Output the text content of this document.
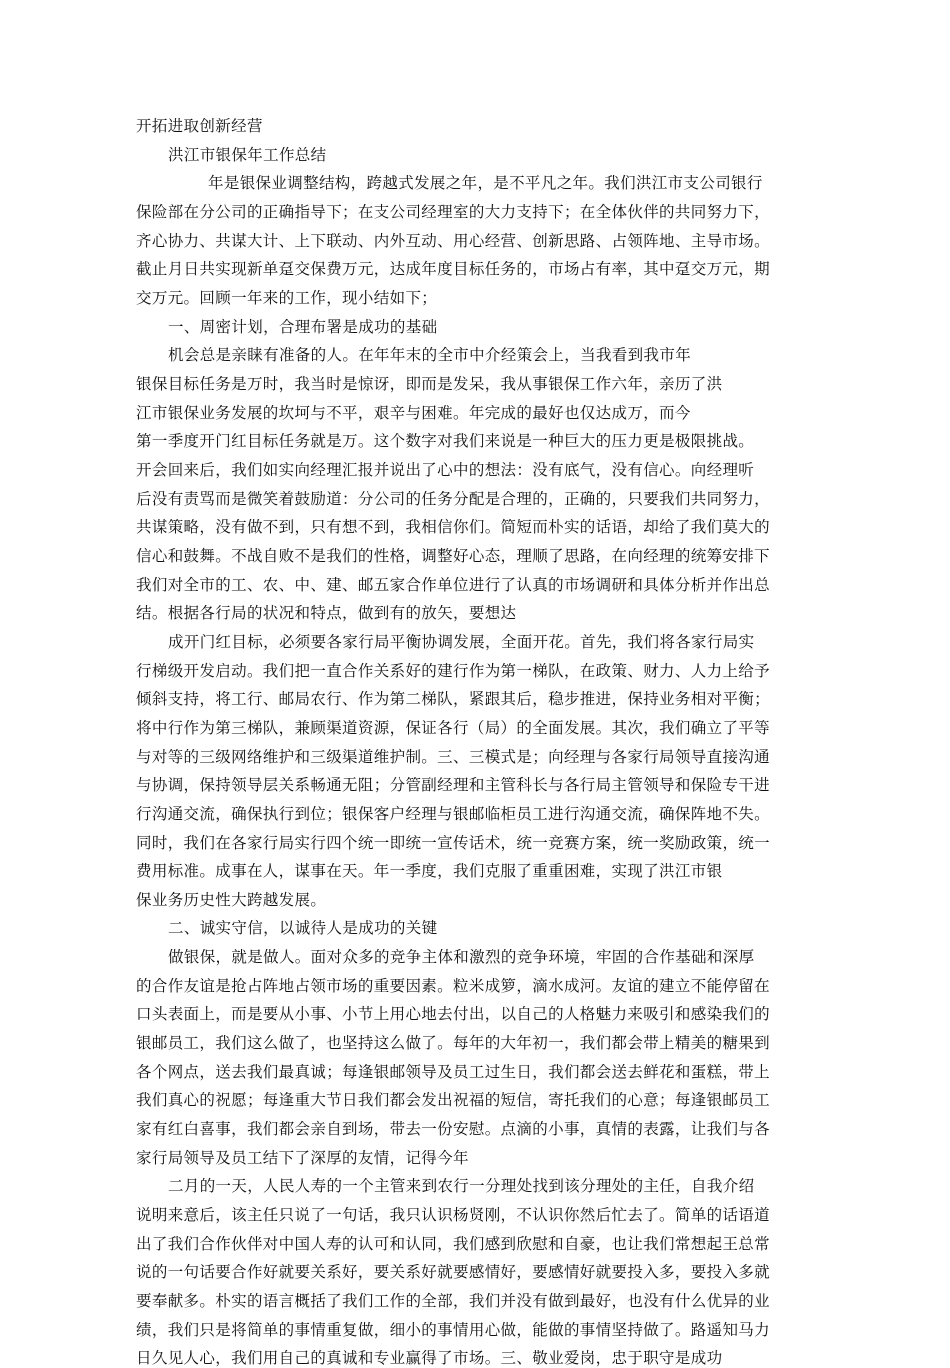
开拓进取创新经营
洪江市银保年工作总结
年是银保业调整结构，跨越式发展之年，是不平凡之年。我们洪江市支公司银行
保险部在分公司的正确指导下；在支公司经理室的大力支持下；在全体伙伴的共同努力下，
齐心协力、共谋大计、上下联动、内外互动、用心经营、创新思路、占领阵地、主导市场。
截止月日共实现新单趸交保费万元，达成年度目标任务的，市场占有率，其中趸交万元，期
交万元。回顾一年来的工作，现小结如下；
一、周密计划，合理布署是成功的基础
机会总是亲睐有准备的人。在年年末的全市中介经策会上，当我看到我市年
银保目标任务是万时，我当时是惊讶，即而是发呆，我从事银保工作六年，亲历了洪
江市银保业务发展的坎坷与不平，艰辛与困难。年完成的最好也仅达成万，而今
第一季度开门红目标任务就是万。这个数字对我们来说是一种巨大的压力更是极限挑战。
开会回来后，我们如实向经理汇报并说出了心中的想法：没有底气，没有信心。向经理听
后没有责骂而是微笑着鼓励道：分公司的任务分配是合理的，正确的，只要我们共同努力，
共谋策略，没有做不到，只有想不到，我相信你们。简短而朴实的话语，却给了我们莫大的
信心和鼓舞。不战自败不是我们的性格，调整好心态，理顺了思路，在向经理的统筹安排下
我们对全市的工、农、中、建、邮五家合作单位进行了认真的市场调研和具体分析并作出总
结。根据各行局的状况和特点，做到有的放矢，要想达
成开门红目标，必须要各家行局平衡协调发展，全面开花。首先，我们将各家行局实
行梯级开发启动。我们把一直合作关系好的建行作为第一梯队，在政策、财力、人力上给予
倾斜支持，将工行、邮局农行、作为第二梯队，紧跟其后，稳步推进，保持业务相对平衡；
将中行作为第三梯队，兼顾渠道资源，保证各行（局）的全面发展。其次，我们确立了平等
与对等的三级网络维护和三级渠道维护制。三、三模式是；向经理与各家行局领导直接沟通
与协调，保持领导层关系畅通无阻；分管副经理和主管科长与各行局主管领导和保险专干进
行沟通交流，确保执行到位；银保客户经理与银邮临柜员工进行沟通交流，确保阵地不失。
同时，我们在各家行局实行四个统一即统一宣传话术，统一竞赛方案，统一奖励政策，统一
费用标准。成事在人，谋事在天。年一季度，我们克服了重重困难，实现了洪江市银
保业务历史性大跨越发展。
二、诚实守信，以诚待人是成功的关键
做银保，就是做人。面对众多的竞争主体和激烈的竞争环境，牢固的合作基础和深厚
的合作友谊是抢占阵地占领市场的重要因素。粒米成箩，滴水成河。友谊的建立不能停留在
口头表面上，而是要从小事、小节上用心地去付出，以自己的人格魅力来吸引和感染我们的
银邮员工，我们这么做了，也坚持这么做了。每年的大年初一，我们都会带上精美的糖果到
各个网点，送去我们最真诚；每逢银邮领导及员工过生日，我们都会送去鲜花和蛋糕，带上
我们真心的祝愿；每逢重大节日我们都会发出祝福的短信，寄托我们的心意；每逢银邮员工
家有红白喜事，我们都会亲自到场，带去一份安慰。点滴的小事，真情的表露，让我们与各
家行局领导及员工结下了深厚的友情，记得今年
二月的一天，人民人寿的一个主管来到农行一分理处找到该分理处的主任，自我介绍
说明来意后，该主任只说了一句话，我只认识杨贤刚，不认识你然后忙去了。简单的话语道
出了我们合作伙伴对中国人寿的认可和认同，我们感到欣慰和自豪，也让我们常想起王总常
说的一句话要合作好就要关系好，要关系好就要感情好，要感情好就要投入多，要投入多就
要奉献多。朴实的语言概括了我们工作的全部，我们并没有做到最好，也没有什么优异的业
绩，我们只是将简单的事情重复做，细小的事情用心做，能做的事情坚持做了。路遥知马力
日久见人心，我们用自己的真诚和专业赢得了市场。三、敬业爱岗，忠于职守是成功
